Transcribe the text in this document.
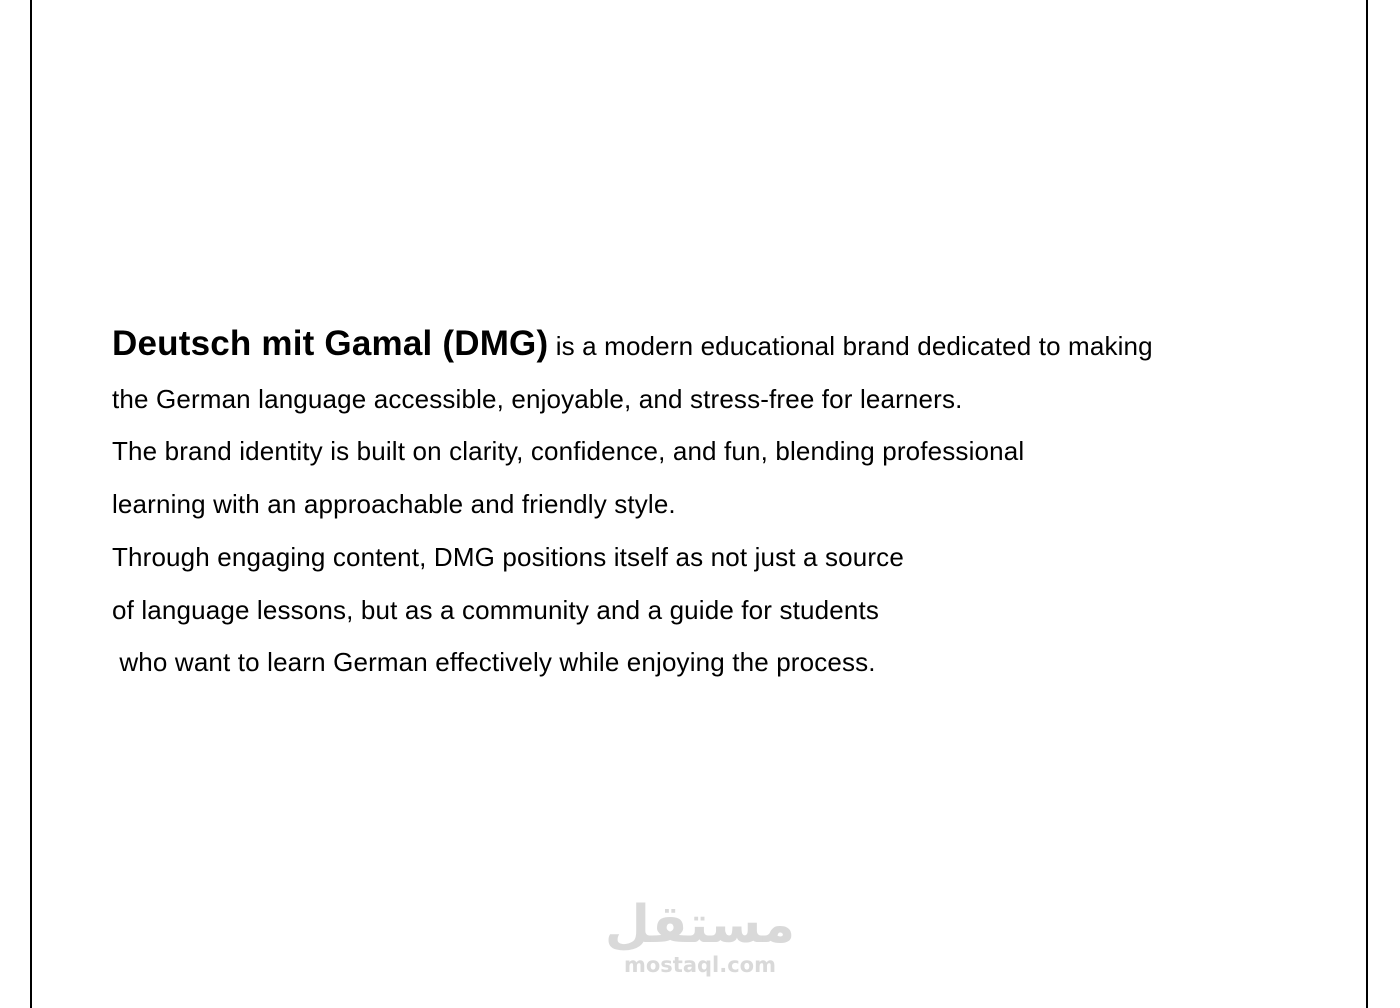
Deutsch mit Gamal (DMG) is a modern educational brand dedicated to making
the German language accessible, enjoyable, and stress-free for learners.
The brand identity is built on clarity, confidence, and fun, blending professional
learning with an approachable and friendly style.
Through engaging content, DMG positions itself as not just a source
of language lessons, but as a community and a guide for students
who want to learn German effectively while enjoying the process.
مستقل
mostaql.com
